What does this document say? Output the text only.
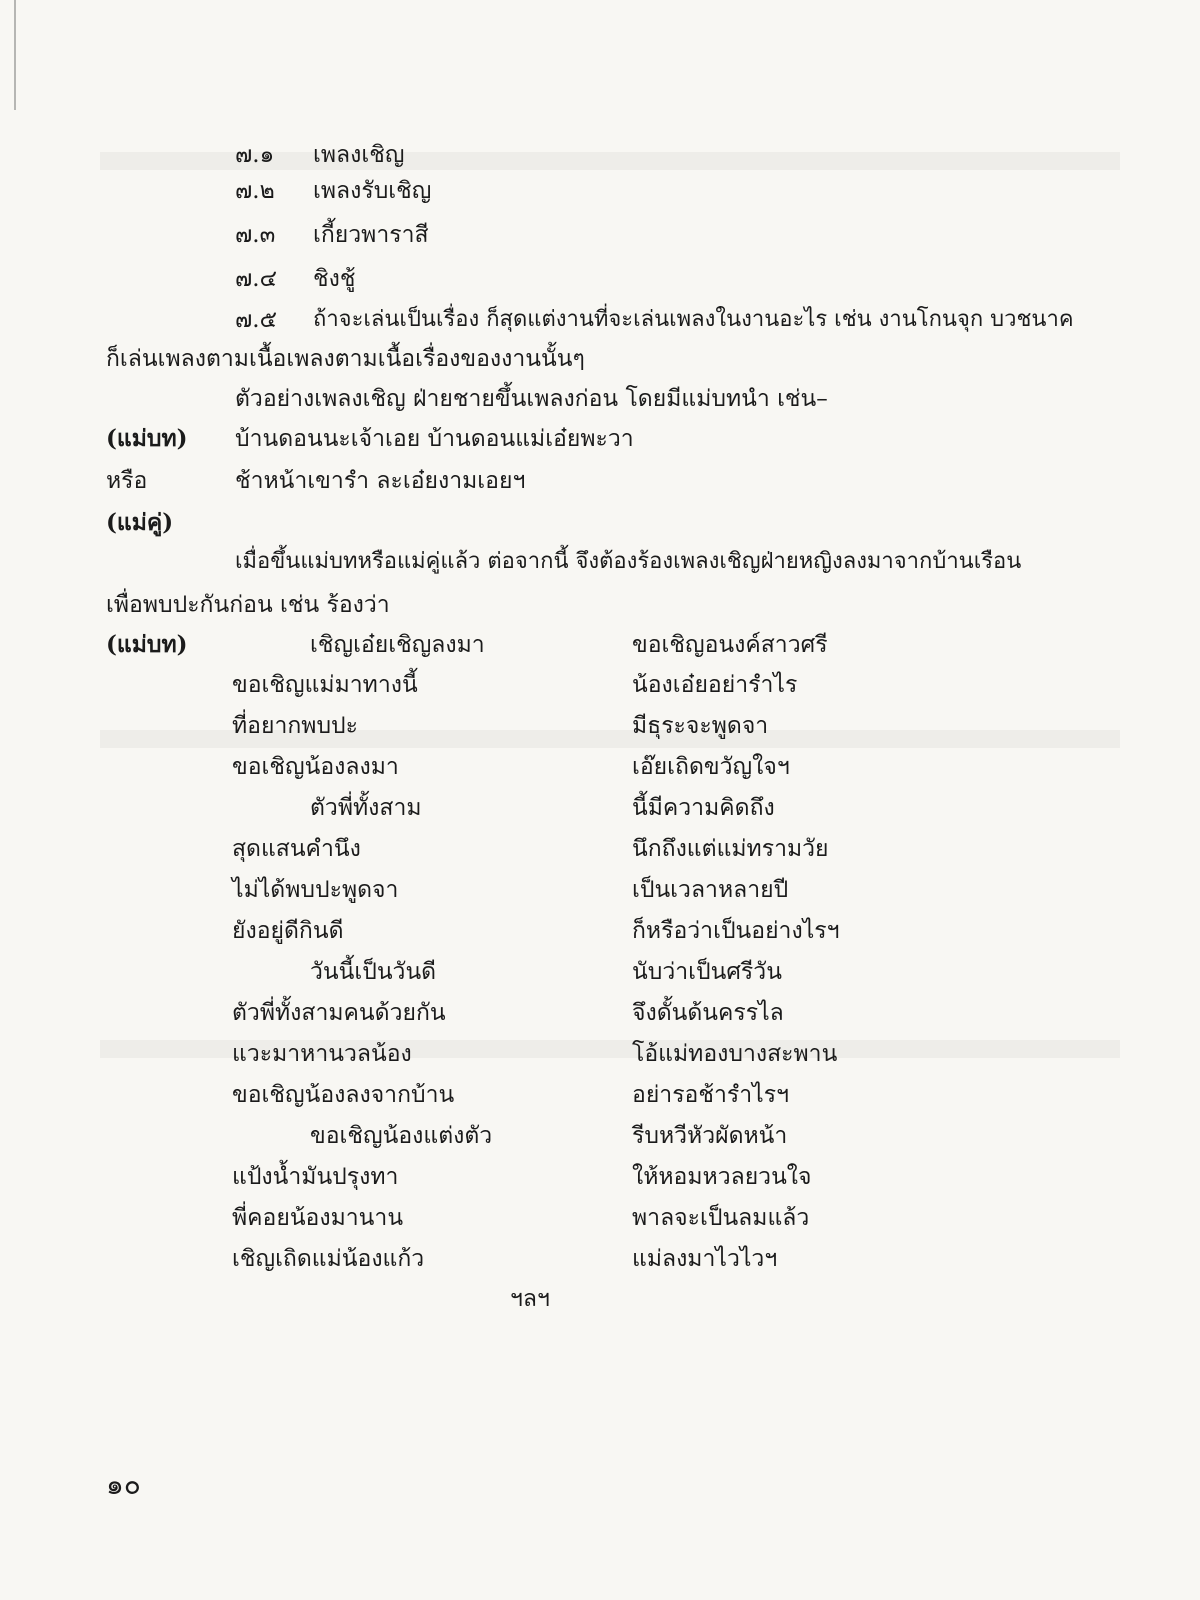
๗.๑ เพลงเชิญ
๗.๒ เพลงรับเชิญ
๗.๓ เกี้ยวพาราสี
๗.๔ ชิงชู้
๗.๕ ถ้าจะเล่นเป็นเรื่อง ก็สุดแต่งานที่จะเล่นเพลงในงานอะไร เช่น งานโกนจุก บวชนาค
ก็เล่นเพลงตามเนื้อเพลงตามเนื้อเรื่องของงานนั้นๆ
ตัวอย่างเพลงเชิญ ฝ่ายชายขึ้นเพลงก่อน โดยมีแม่บทนำ เช่น–
(แม่บท) บ้านดอนนะเจ้าเอย บ้านดอนแม่เอ๋ยพะวา
หรือ	ช้าหน้าเขารำ ละเอ๋ยงามเอยฯ
(แม่คู่)
เมื่อขึ้นแม่บทหรือแม่คู่แล้ว ต่อจากนี้ จึงต้องร้องเพลงเชิญฝ่ายหญิงลงมาจากบ้านเรือน
เพื่อพบปะกันก่อน เช่น ร้องว่า
(แม่บท)	เชิญเอ๋ยเชิญลงมา	ขอเชิญอนงค์สาวศรี
ขอเชิญแม่มาทางนี้	น้องเอ๋ยอย่ารำไร
ที่อยากพบปะ	มีธุระจะพูดจา
ขอเชิญน้องลงมา	เอ๊ยเถิดขวัญใจฯ
ตัวพี่ทั้งสาม	นี้มีความคิดถึง
สุดแสนคำนึง	นึกถึงแต่แม่ทรามวัย
ไม่ได้พบปะพูดจา	เป็นเวลาหลายปี
ยังอยู่ดีกินดี	ก็หรือว่าเป็นอย่างไรฯ
วันนี้เป็นวันดี	นับว่าเป็นศรีวัน
ตัวพี่ทั้งสามคนด้วยกัน	จึงดั้นด้นครรไล
แวะมาหานวลน้อง	โอ้แม่ทองบางสะพาน
ขอเชิญน้องลงจากบ้าน	อย่ารอช้ารำไรฯ
ขอเชิญน้องแต่งตัว	รีบหวีหัวผัดหน้า
แป้งน้ำมันปรุงทา	ให้หอมหวลยวนใจ
พี่คอยน้องมานาน	พาลจะเป็นลมแล้ว
เชิญเถิดแม่น้องแก้ว	แม่ลงมาไวไวฯ
ฯลฯ
๑๐
